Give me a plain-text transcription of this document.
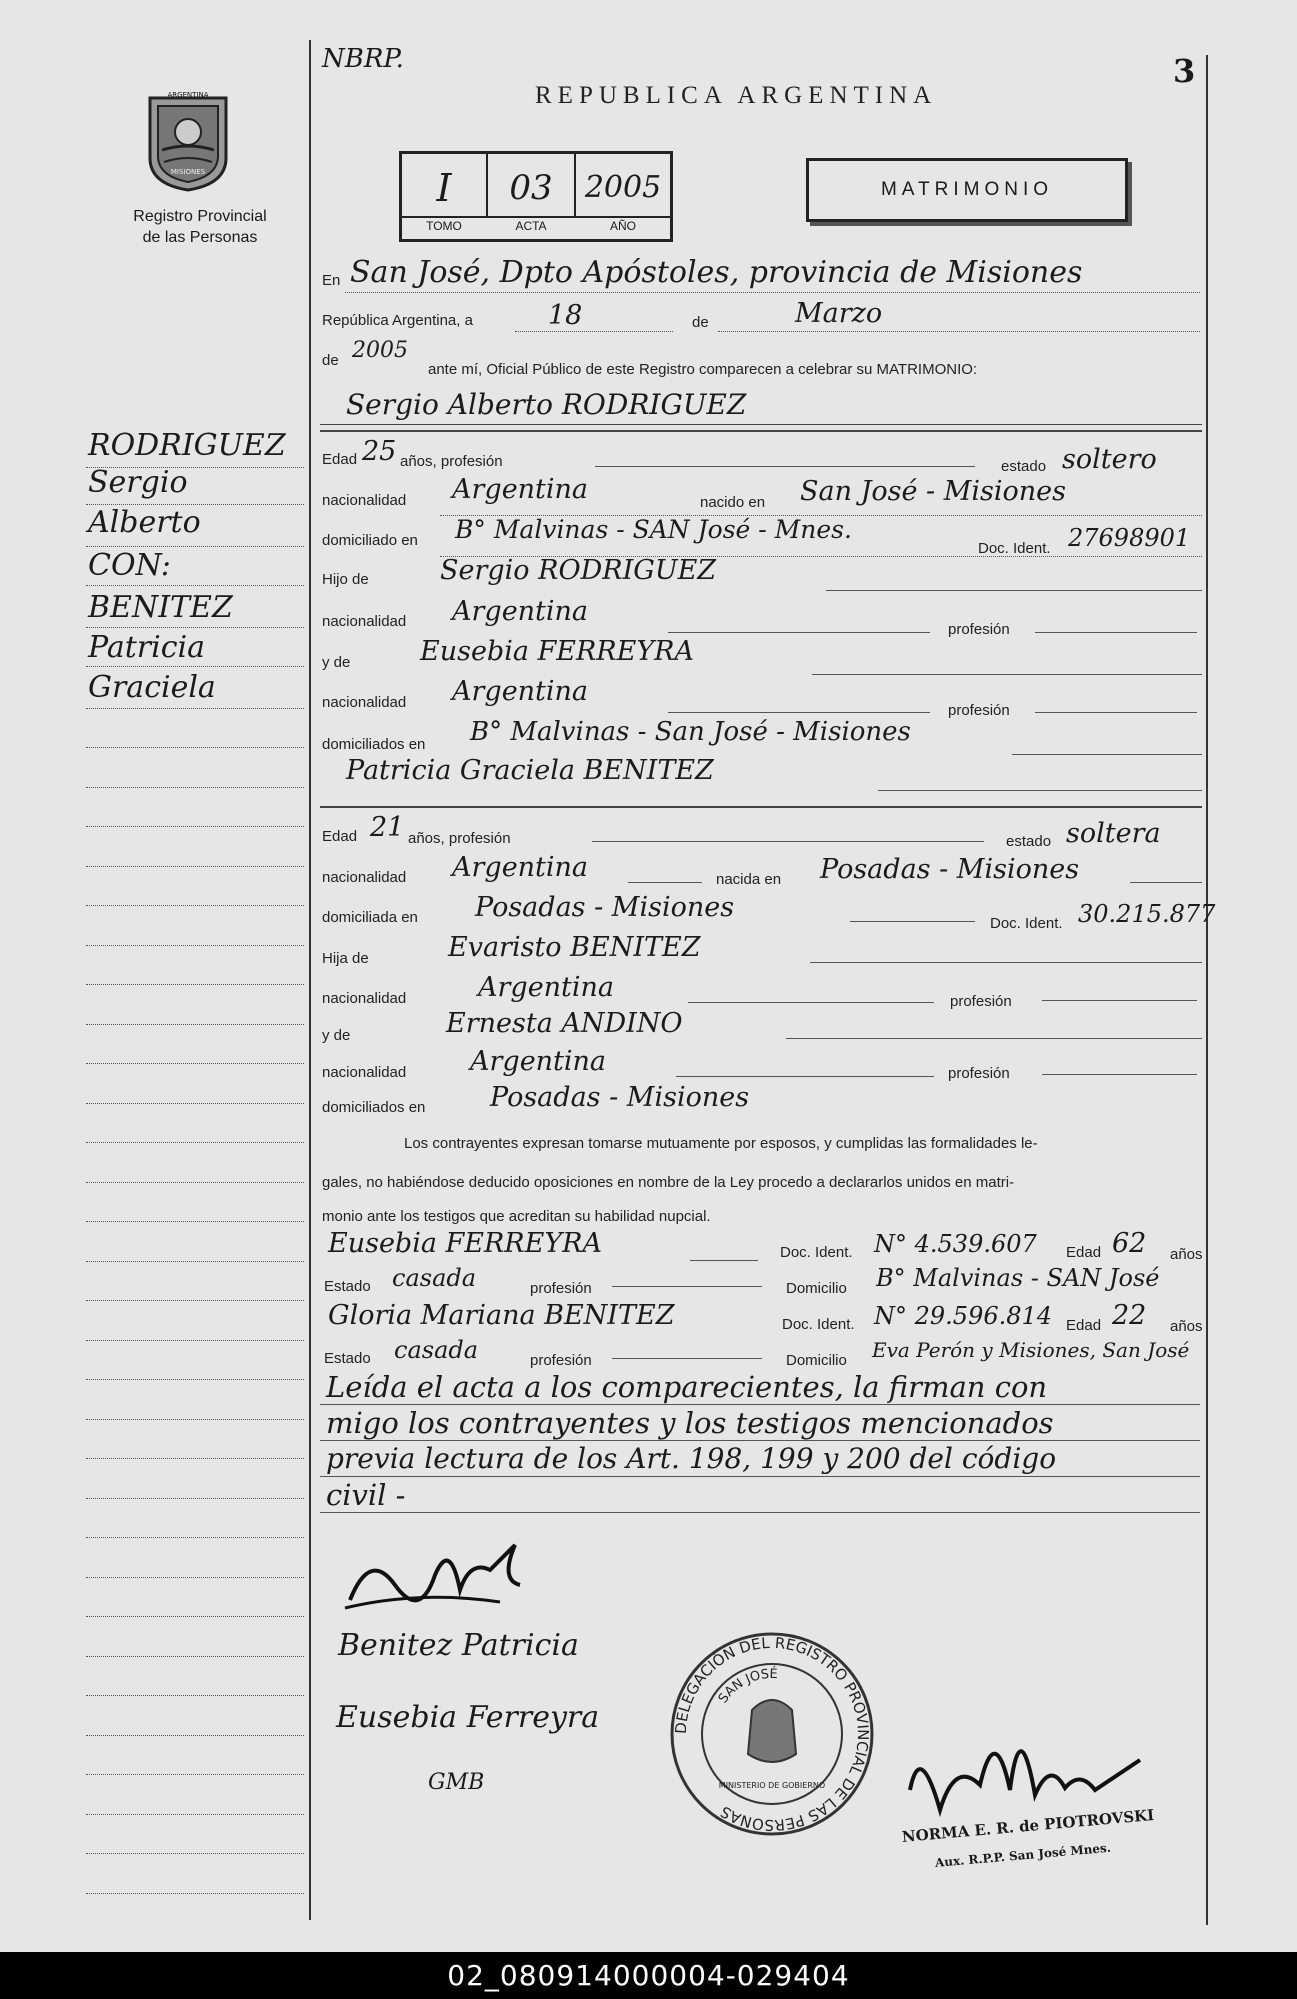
NBRP.	3
REPUBLICA ARGENTINA
ARGENTINA
MISIONES
Registro Provincial
de las Personas
I	03	2005
TOMO	ACTA	AÑO
MATRIMONIO
RODRIGUEZ
Sergio
Alberto
CON:
BENITEZ
Patricia
Graciela
En San José, Dpto Apóstoles, provincia de Misiones
República Argentina, a	18	de	Marzo
de 2005
ante mí, Oficial Público de este Registro comparecen a celebrar su MATRIMONIO:
Sergio Alberto RODRIGUEZ
Edad 25 años, profesión	estado soltero
nacionalidad Argentina	nacido en San José - Misiones
domiciliado en B° Malvinas - SAN José - Mnes.
Doc. Ident. 27698901
Hijo de	Sergio RODRIGUEZ
nacionalidad Argentina
profesión
y de	Eusebia FERREYRA
nacionalidad Argentina
profesión
domiciliados en B° Malvinas - San José - Misiones
Patricia Graciela BENITEZ
Edad 21 años, profesión	estado soltera
nacionalidad Argentina	nacida en Posadas - Misiones
domiciliada en Posadas - Misiones
Doc. Ident. 30.215.877
Hija de	Evaristo BENITEZ
nacionalidad	Argentina	profesión
y de	Ernesta ANDINO
nacionalidad Argentina	profesión
domiciliados en Posadas - Misiones
Los contrayentes expresan tomarse mutuamente por esposos, y cumplidas las formalidades le-
gales, no habiéndose deducido oposiciones en nombre de la Ley procedo a declararlos unidos en matri-
monio ante los testigos que acreditan su habilidad nupcial.
Eusebia FERREYRA	Doc. Ident. N° 4.539.607 Edad 62 años
Estado casada	profesión	Domicilio B° Malvinas - SAN José
Gloria Mariana BENITEZ	Doc. Ident. N° 29.596.814 Edad 22 años
Estado casada	profesión	Domicilio Eva Perón y Misiones, San José
Leída el acta a los comparecientes, la firman con
migo los contrayentes y los testigos mencionados
previa lectura de los Art. 198, 199 y 200 del código
civil -
Benitez Patricia
Eusebia Ferreyra
GMB
DELEGACIÓN DEL REGISTRO PROVINCIAL DE LAS PERSONAS
SAN JOSÉ
MINISTERIO DE GOBIERNO
NORMA E. R. de PIOTROVSKI
Aux. R.P.P. San José Mnes.
02_080914000004-029404
